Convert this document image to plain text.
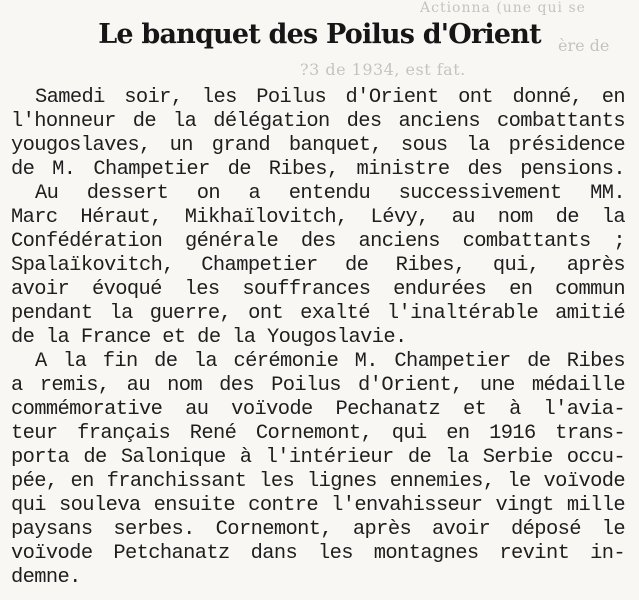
Actionna (une qui se
ère de
?3 de 1934, est fat.
Le banquet des Poilus d'Orient
Samedi soir, les Poilus d'Orient ont donné, en
l'honneur de la délégation des anciens combattants
yougoslaves, un grand banquet, sous la présidence
de M. Champetier de Ribes, ministre des pensions.
Au dessert on a entendu successivement MM.
Marc Héraut, Mikhaïlovitch, Lévy, au nom de la
Confédération générale des anciens combattants ;
Spalaïkovitch, Champetier de Ribes, qui, après
avoir évoqué les souffrances endurées en commun
pendant la guerre, ont exalté l'inaltérable amitié
de la France et de la Yougoslavie.
A la fin de la cérémonie M. Champetier de Ribes
a remis, au nom des Poilus d'Orient, une médaille
commémorative au voïvode Pechanatz et à l'avia-
teur français René Cornemont, qui en 1916 trans-
porta de Salonique à l'intérieur de la Serbie occu-
pée, en franchissant les lignes ennemies, le voïvode
qui souleva ensuite contre l'envahisseur vingt mille
paysans serbes. Cornemont, après avoir déposé le
voïvode Petchanatz dans les montagnes revint in-
demne.
